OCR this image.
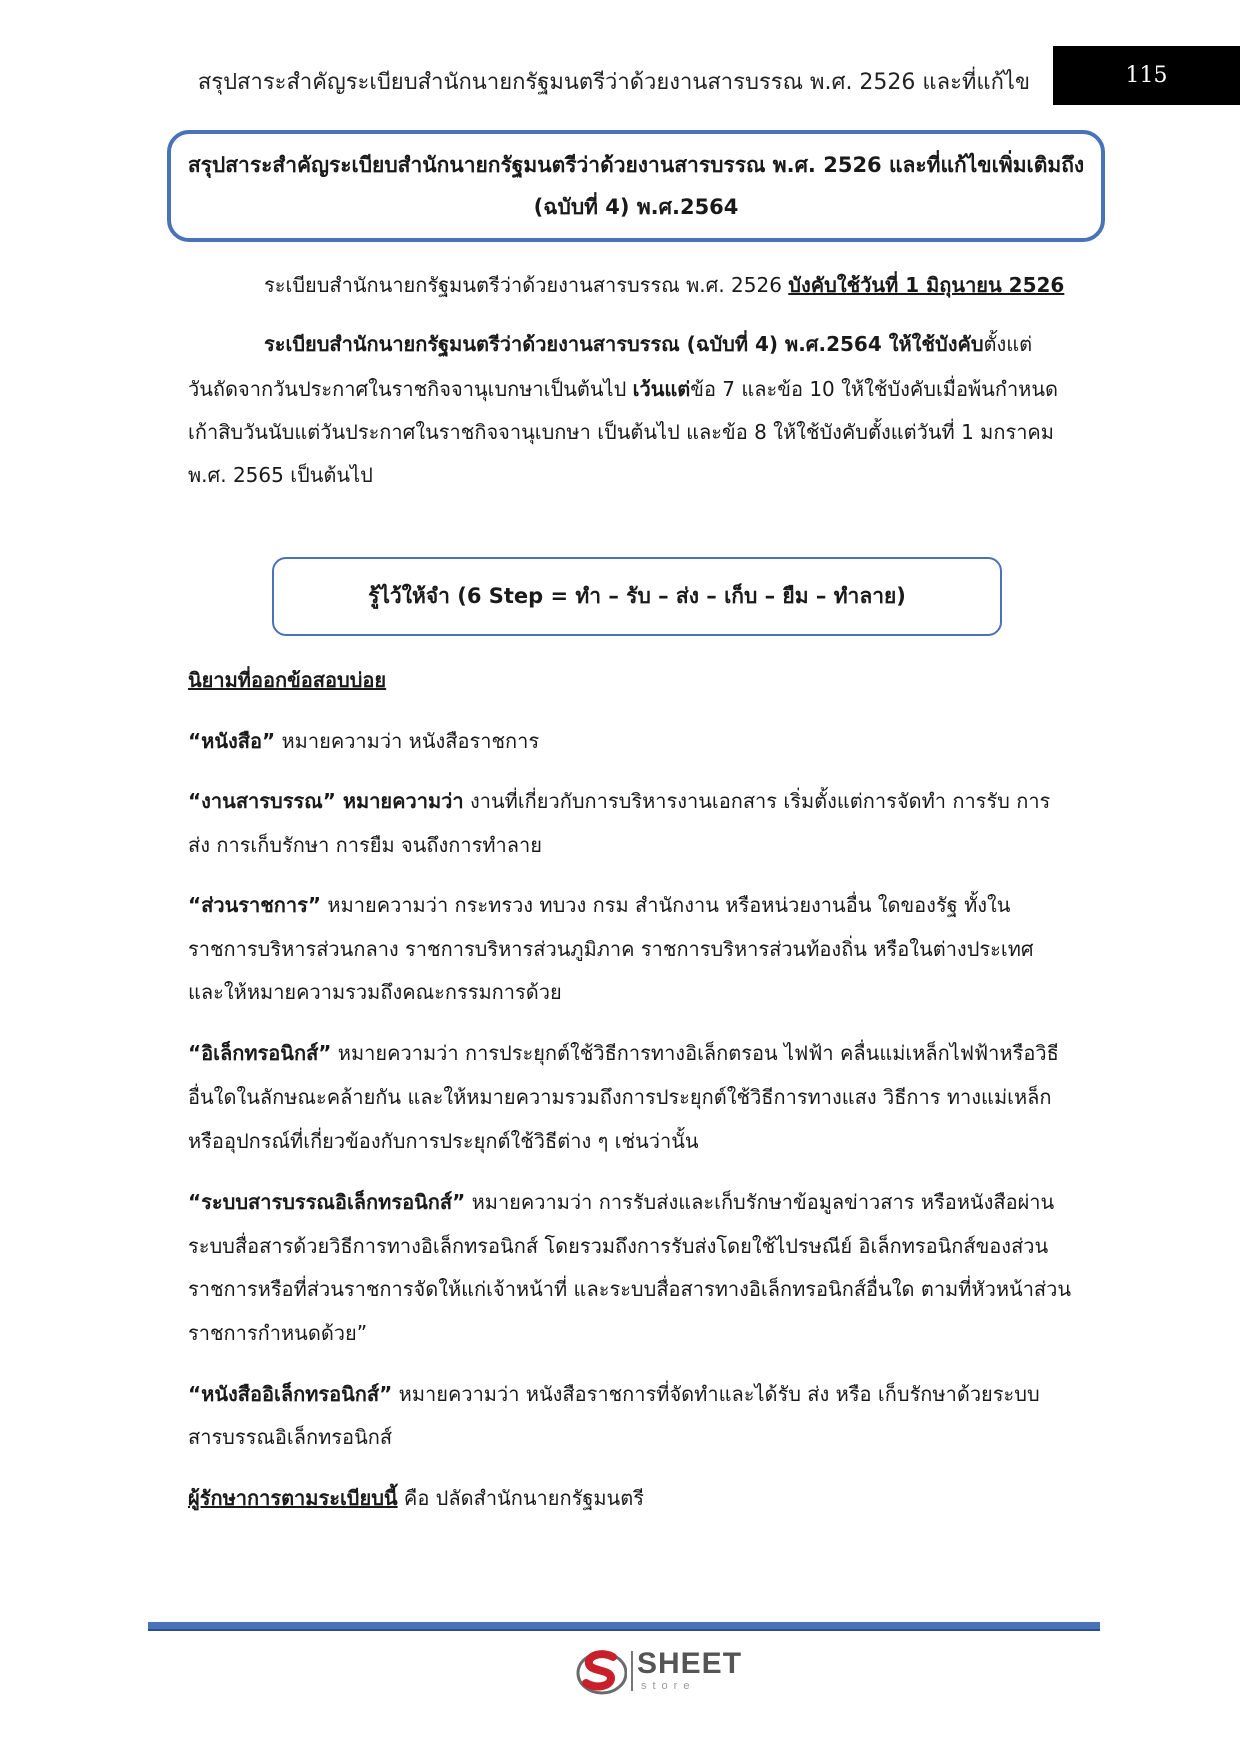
สรุปสาระสำคัญระเบียบสำนักนายกรัฐมนตรีว่าด้วยงานสารบรรณ พ.ศ. 2526 และที่แก้ไข	115
สรุปสาระสำคัญระเบียบสำนักนายกรัฐมนตรีว่าด้วยงานสารบรรณ พ.ศ. 2526 และที่แก้ไขเพิ่มเติมถึง
(ฉบับที่ 4) พ.ศ.2564
ระเบียบสำนักนายกรัฐมนตรีว่าด้วยงานสารบรรณ พ.ศ. 2526 บังคับใช้วันที่ 1 มิถุนายน 2526
ระเบียบสำนักนายกรัฐมนตรีว่าด้วยงานสารบรรณ (ฉบับที่ 4) พ.ศ.2564 ให้ใช้บังคับตั้งแต่
วันถัดจากวันประกาศในราชกิจจานุเบกษาเป็นต้นไป เว้นแต่ข้อ 7 และข้อ 10 ให้ใช้บังคับเมื่อพ้นกำหนด
เก้าสิบวันนับแต่วันประกาศในราชกิจจานุเบกษา เป็นต้นไป และข้อ 8 ให้ใช้บังคับตั้งแต่วันที่ 1 มกราคม
พ.ศ. 2565 เป็นต้นไป
รู้ไว้ให้จำ (6 Step = ทำ – รับ – ส่ง – เก็บ – ยืม – ทำลาย)
นิยามที่ออกข้อสอบบ่อย
“หนังสือ” หมายความว่า หนังสือราชการ
“งานสารบรรณ” หมายความว่า งานที่เกี่ยวกับการบริหารงานเอกสาร เริ่มตั้งแต่การจัดทำ การรับ การ
ส่ง การเก็บรักษา การยืม จนถึงการทำลาย
“ส่วนราชการ” หมายความว่า กระทรวง ทบวง กรม สำนักงาน หรือหน่วยงานอื่น ใดของรัฐ ทั้งใน
ราชการบริหารส่วนกลาง ราชการบริหารส่วนภูมิภาค ราชการบริหารส่วนท้องถิ่น หรือในต่างประเทศ
และให้หมายความรวมถึงคณะกรรมการด้วย
“อิเล็กทรอนิกส์” หมายความว่า การประยุกต์ใช้วิธีการทางอิเล็กตรอน ไฟฟ้า คลื่นแม่เหล็กไฟฟ้าหรือวิธี
อื่นใดในลักษณะคล้ายกัน และให้หมายความรวมถึงการประยุกต์ใช้วิธีการทางแสง วิธีการ ทางแม่เหล็ก
หรืออุปกรณ์ที่เกี่ยวข้องกับการประยุกต์ใช้วิธีต่าง ๆ เช่นว่านั้น
“ระบบสารบรรณอิเล็กทรอนิกส์” หมายความว่า การรับส่งและเก็บรักษาข้อมูลข่าวสาร หรือหนังสือผ่าน
ระบบสื่อสารด้วยวิธีการทางอิเล็กทรอนิกส์ โดยรวมถึงการรับส่งโดยใช้ไปรษณีย์ อิเล็กทรอนิกส์ของส่วน
ราชการหรือที่ส่วนราชการจัดให้แก่เจ้าหน้าที่ และระบบสื่อสารทางอิเล็กทรอนิกส์อื่นใด ตามที่หัวหน้าส่วน
ราชการกำหนดด้วย”
“หนังสืออิเล็กทรอนิกส์” หมายความว่า หนังสือราชการที่จัดทำและได้รับ ส่ง หรือ เก็บรักษาด้วยระบบ
สารบรรณอิเล็กทรอนิกส์
ผู้รักษาการตามระเบียบนี้ คือ ปลัดสำนักนายกรัฐมนตรี
SHEET
store
